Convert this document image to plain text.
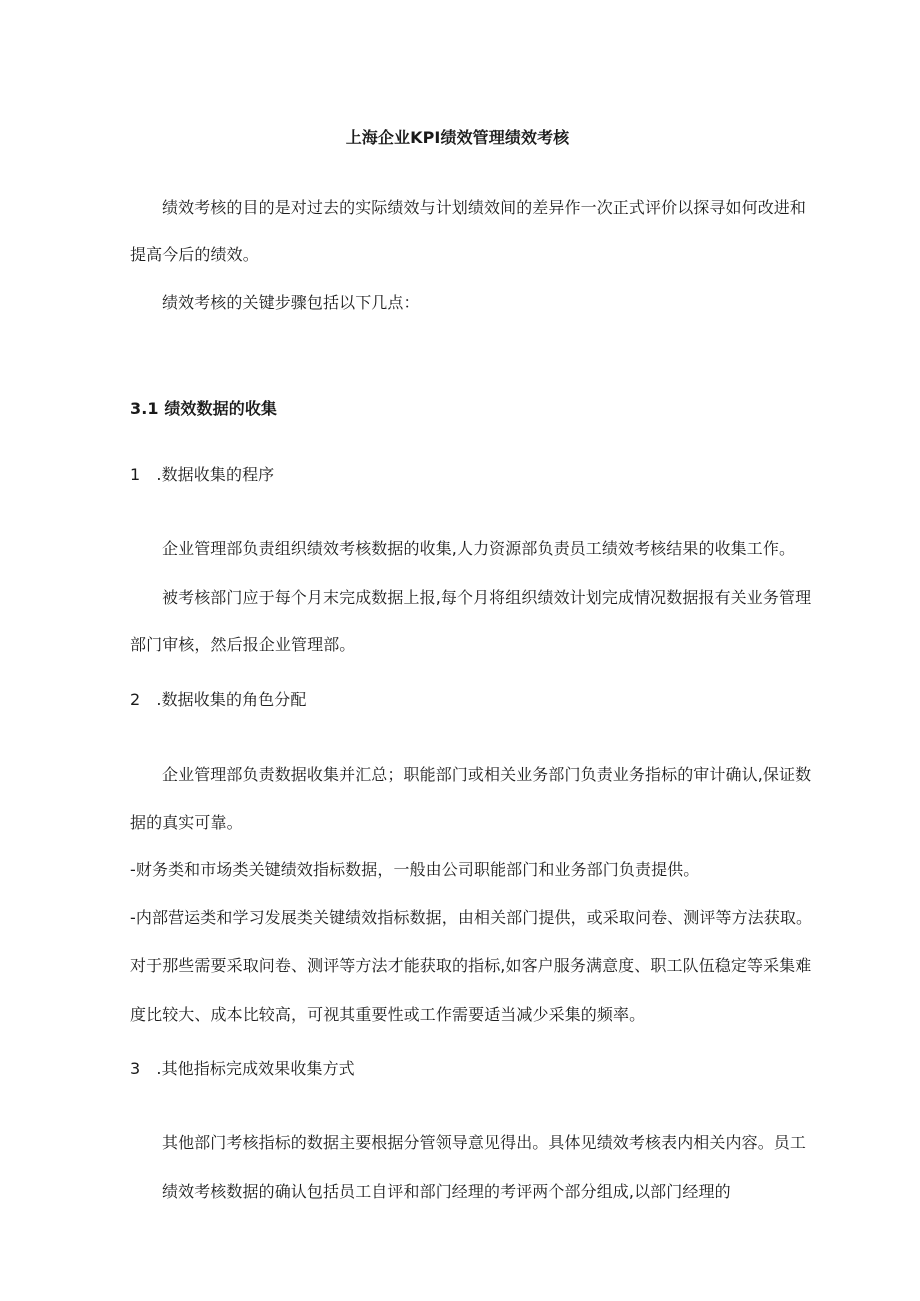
上海企业KPI绩效管理绩效考核
绩效考核的目的是对过去的实际绩效与计划绩效间的差异作一次正式评价以探寻如何改进和
提高今后的绩效。
绩效考核的关键步骤包括以下几点：
3.1 绩效数据的收集
1　.数据收集的程序
企业管理部负责组织绩效考核数据的收集,人力资源部负责员工绩效考核结果的收集工作。
被考核部门应于每个月末完成数据上报,每个月将组织绩效计划完成情况数据报有关业务管理
部门审核，然后报企业管理部。
2　.数据收集的角色分配
企业管理部负责数据收集并汇总；职能部门或相关业务部门负责业务指标的审计确认,保证数
据的真实可靠。
-财务类和市场类关键绩效指标数据，一般由公司职能部门和业务部门负责提供。
-内部营运类和学习发展类关键绩效指标数据，由相关部门提供，或采取问卷、测评等方法获取。
对于那些需要采取问卷、测评等方法才能获取的指标,如客户服务满意度、职工队伍稳定等采集难
度比较大、成本比较高，可视其重要性或工作需要适当减少采集的频率。
3　.其他指标完成效果收集方式
其他部门考核指标的数据主要根据分管领导意见得出。具体见绩效考核表内相关内容。员工
绩效考核数据的确认包括员工自评和部门经理的考评两个部分组成,以部门经理的
